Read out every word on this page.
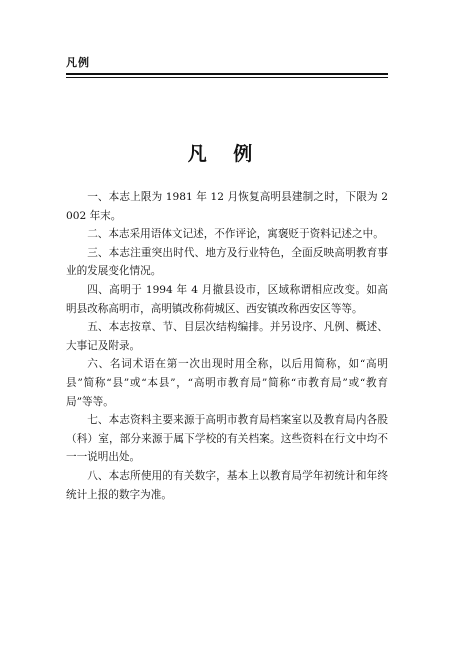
凡例
凡 例

一、本志上限为 1981 年 12 月恢复高明县建制之时，下限为 2002 年末。

二、本志采用语体文记述，不作评论，寓褒贬于资料记述之中。

三、本志注重突出时代、地方及行业特色，全面反映高明教育事业的发展变化情况。

四、高明于 1994 年 4 月撤县设市，区域称谓相应改变。如高明县改称高明市，高明镇改称荷城区、西安镇改称西安区等等。

五、本志按章、节、目层次结构编排。并另设序、凡例、概述、大事记及附录。

六、名词术语在第一次出现时用全称，以后用简称，如“高明县”简称“县”或“本县”，“高明市教育局”简称“市教育局”或“教育局”等等。

七、本志资料主要来源于高明市教育局档案室以及教育局内各股（科）室，部分来源于属下学校的有关档案。这些资料在行文中均不一一说明出处。

八、本志所使用的有关数字，基本上以教育局学年初统计和年终统计上报的数字为准。
